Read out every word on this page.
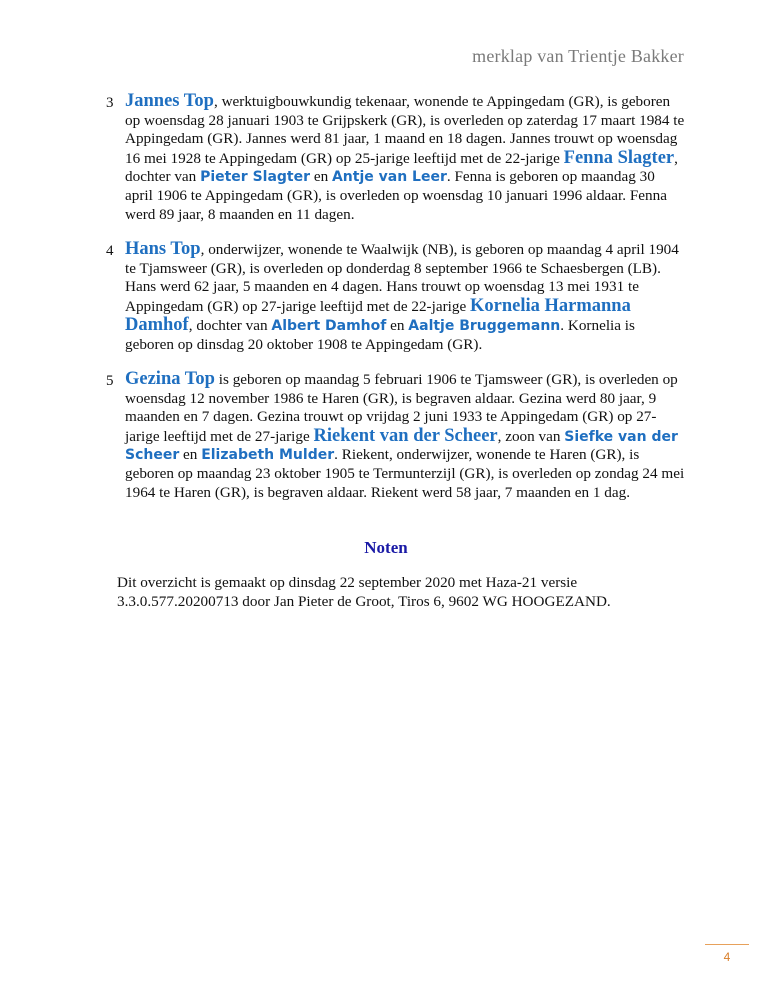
merklap van Trientje Bakker
3 Jannes Top, werktuigbouwkundig tekenaar, wonende te Appingedam (GR), is geboren op woensdag 28 januari 1903 te Grijpskerk (GR), is overleden op zaterdag 17 maart 1984 te Appingedam (GR). Jannes werd 81 jaar, 1 maand en 18 dagen. Jannes trouwt op woensdag 16 mei 1928 te Appingedam (GR) op 25-jarige leeftijd met de 22-jarige Fenna Slagter, dochter van Pieter Slagter en Antje van Leer. Fenna is geboren op maandag 30 april 1906 te Appingedam (GR), is overleden op woensdag 10 januari 1996 aldaar. Fenna werd 89 jaar, 8 maanden en 11 dagen.
4 Hans Top, onderwijzer, wonende te Waalwijk (NB), is geboren op maandag 4 april 1904 te Tjamsweer (GR), is overleden op donderdag 8 september 1966 te Schaesbergen (LB). Hans werd 62 jaar, 5 maanden en 4 dagen. Hans trouwt op woensdag 13 mei 1931 te Appingedam (GR) op 27-jarige leeftijd met de 22-jarige Kornelia Harmanna Damhof, dochter van Albert Damhof en Aaltje Bruggemann. Kornelia is geboren op dinsdag 20 oktober 1908 te Appingedam (GR).
5 Gezina Top is geboren op maandag 5 februari 1906 te Tjamsweer (GR), is overleden op woensdag 12 november 1986 te Haren (GR), is begraven aldaar. Gezina werd 80 jaar, 9 maanden en 7 dagen. Gezina trouwt op vrijdag 2 juni 1933 te Appingedam (GR) op 27-jarige leeftijd met de 27-jarige Riekent van der Scheer, zoon van Siefke van der Scheer en Elizabeth Mulder. Riekent, onderwijzer, wonende te Haren (GR), is geboren op maandag 23 oktober 1905 te Termunterzijl (GR), is overleden op zondag 24 mei 1964 te Haren (GR), is begraven aldaar. Riekent werd 58 jaar, 7 maanden en 1 dag.
Noten
Dit overzicht is gemaakt op dinsdag 22 september 2020 met Haza-21 versie 3.3.0.577.20200713 door Jan Pieter de Groot, Tiros 6, 9602 WG HOOGEZAND.
4
